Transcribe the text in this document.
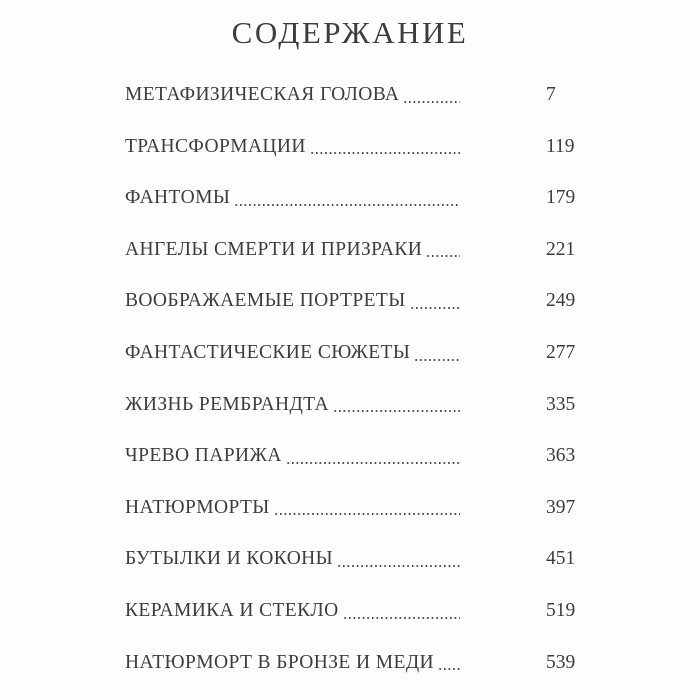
СОДЕРЖАНИЕ
МЕТАФИЗИЧЕСКАЯ ГОЛОВА	7
ТРАНСФОРМАЦИИ	119
ФАНТОМЫ	179
АНГЕЛЫ СМЕРТИ И ПРИЗРАКИ	221
ВООБРАЖАЕМЫЕ ПОРТРЕТЫ	249
ФАНТАСТИЧЕСКИЕ СЮЖЕТЫ	277
ЖИЗНЬ РЕМБРАНДТА	335
ЧРЕВО ПАРИЖА	363
НАТЮРМОРТЫ	397
БУТЫЛКИ И КОКОНЫ	451
КЕРАМИКА И СТЕКЛО	519
НАТЮРМОРТ В БРОНЗЕ И МЕДИ	539
